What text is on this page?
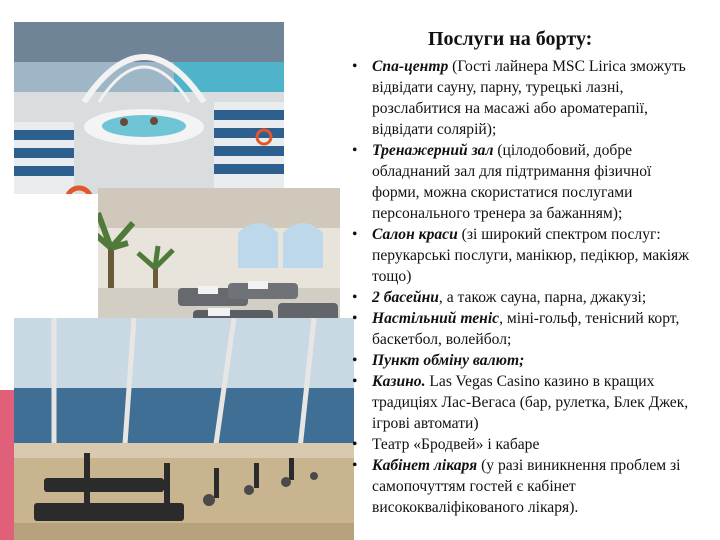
Послуги на борту:
• Спа-центр (Гості лайнера MSC Lirica зможуть відвідати сауну, парну, турецькі лазні, розслабитися на масажі або ароматерапії, відвідати солярій);
• Тренажерний зал (цілодобовий, добре обладнаний зал для підтримання фізичної форми, можна скористатися послугами персонального тренера за бажанням);
• Салон краси (зі широкий спектром послуг: перукарські послуги, манікюр, педікюр, макіяж тощо)
• 2 басейни, а також сауна, парна, джакузі;
• Настільний теніс, міні-гольф, тенісний корт, баскетбол, волейбол;
• Пункт обміну валют;
• Казино. Las Vegas Casino казино в кращих традиціях Лас-Вегаса (бар, рулетка, Блек Джек, ігрові автомати)
• Театр «Бродвей» і кабаре
• Кабінет лікаря (у разі виникнення проблем зі самопочуттям гостей є кабінет висококваліфікованого лікаря).
